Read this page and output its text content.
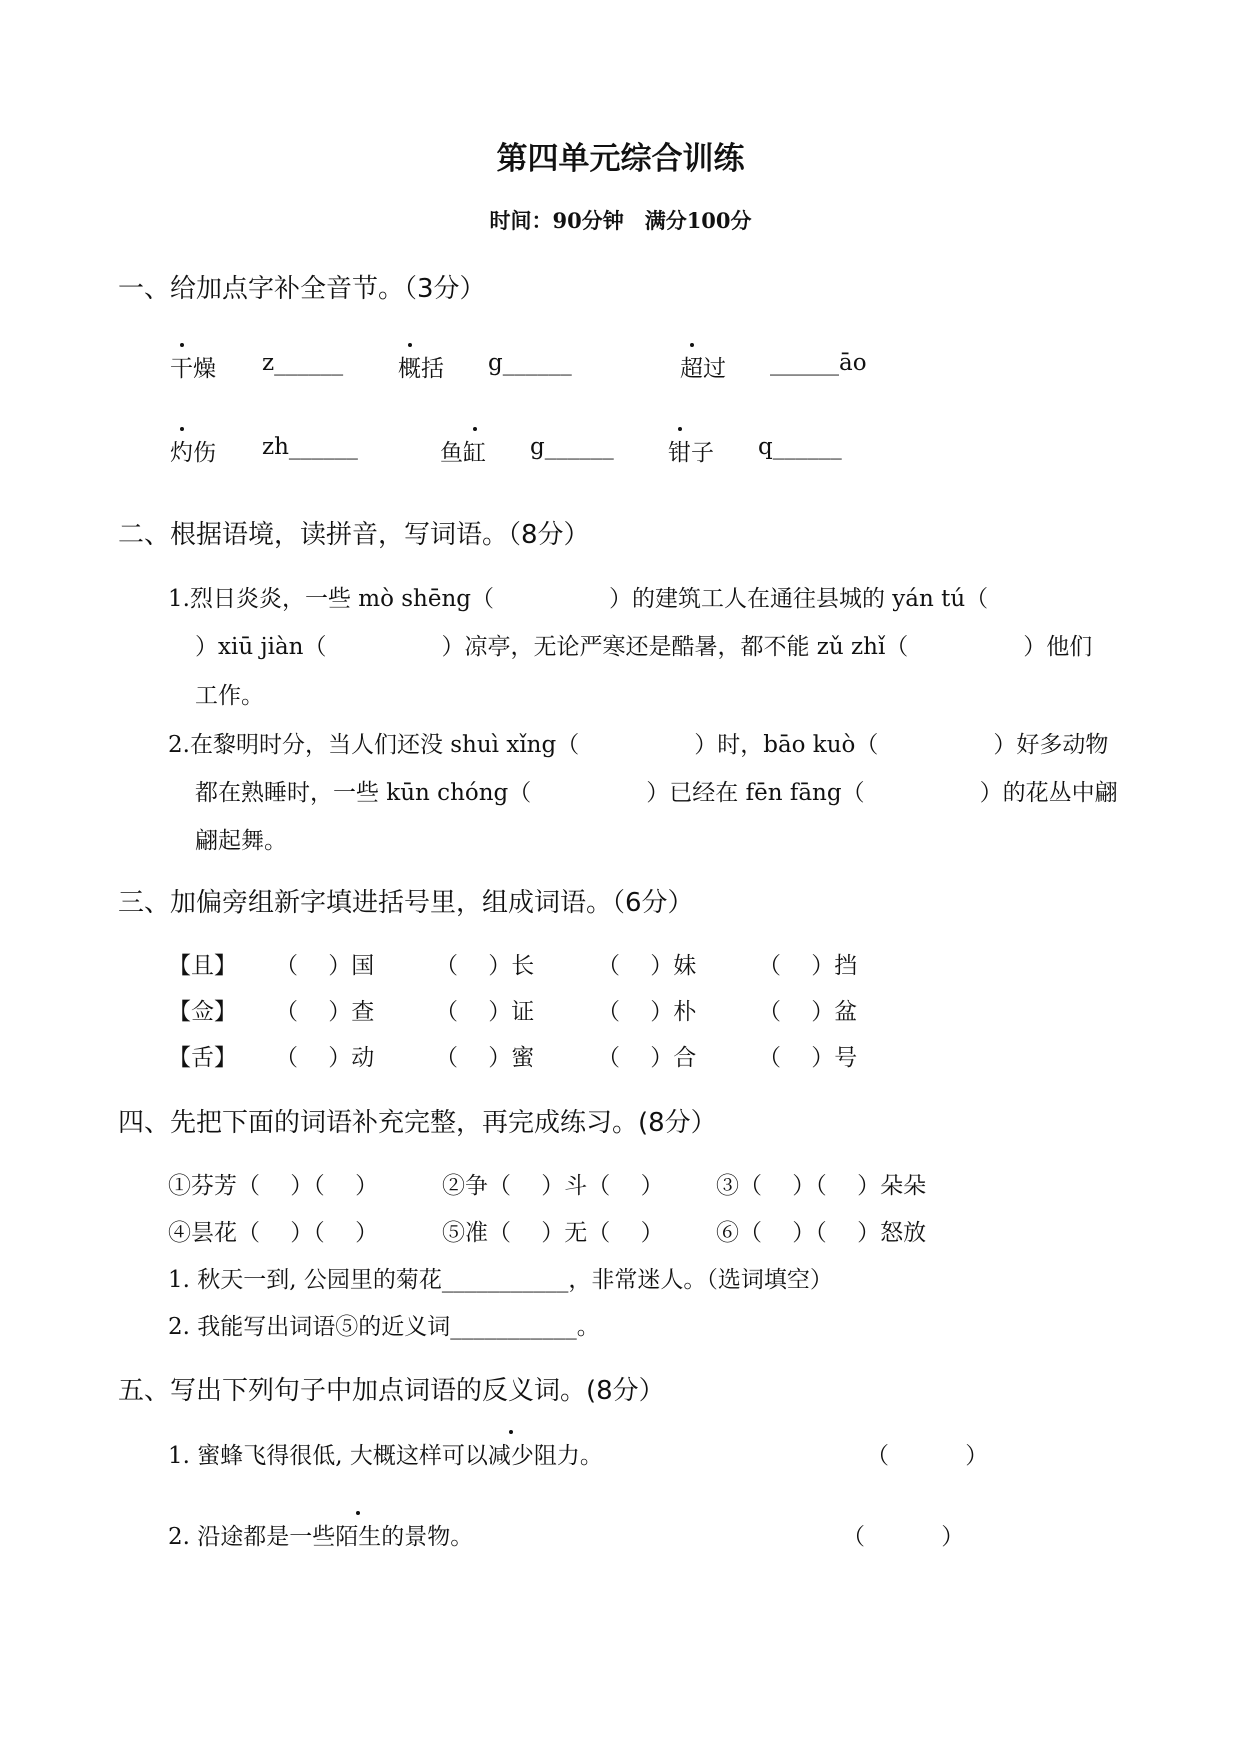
第四单元综合训练
时间：90分钟　满分100分
一、给加点字补全音节。（3分）
干燥 z______ 概括 g______	超过 ______āo
灼伤 zh______	鱼缸 g______ 钳子 q______
二、根据语境，读拼音，写词语。（8分）
1.烈日炎炎，一些 mò shēng（　　　　　）的建筑工人在通往县城的 yán tú（
）xiū jiàn（　　　　　）凉亭，无论严寒还是酷暑，都不能 zǔ zhǐ（　　　　　）他们
工作。
2.在黎明时分，当人们还没 shuì xǐng（　　　　　）时，bāo kuò（　　　　　）好多动物
都在熟睡时，一些 kūn chóng（　　　　　）已经在 fēn fāng（　　　　　）的花丛中翩
翩起舞。
三、加偏旁组新字填进括号里，组成词语。（6分）
【且】 （　 ）国	（　 ）长	（　 ）妹	（　 ）挡
【佥】 （　 ）查	（　 ）证	（　 ）朴	（　 ）盆
【舌】 （　 ）动	（　 ）蜜	（　 ）合	（　 ）号
四、先把下面的词语补充完整，再完成练习。(8分）
①芬芳（　 ）（　 ）	②争（　 ）斗（　 ） ③（　 ）（　 ）朵朵
④昙花（　 ）（　 ）	⑤准（　 ）无（　 ） ⑥（　 ）（　 ）怒放
1. 秋天一到, 公园里的菊花___________，非常迷人。（选词填空）
2. 我能写出词语⑤的近义词___________。
五、写出下列句子中加点词语的反义词。(8分）
1. 蜜蜂飞得很低, 大概这样可以减少阻力。	（　　　 ）
2. 沿途都是一些陌生的景物。	（　　　 ）
